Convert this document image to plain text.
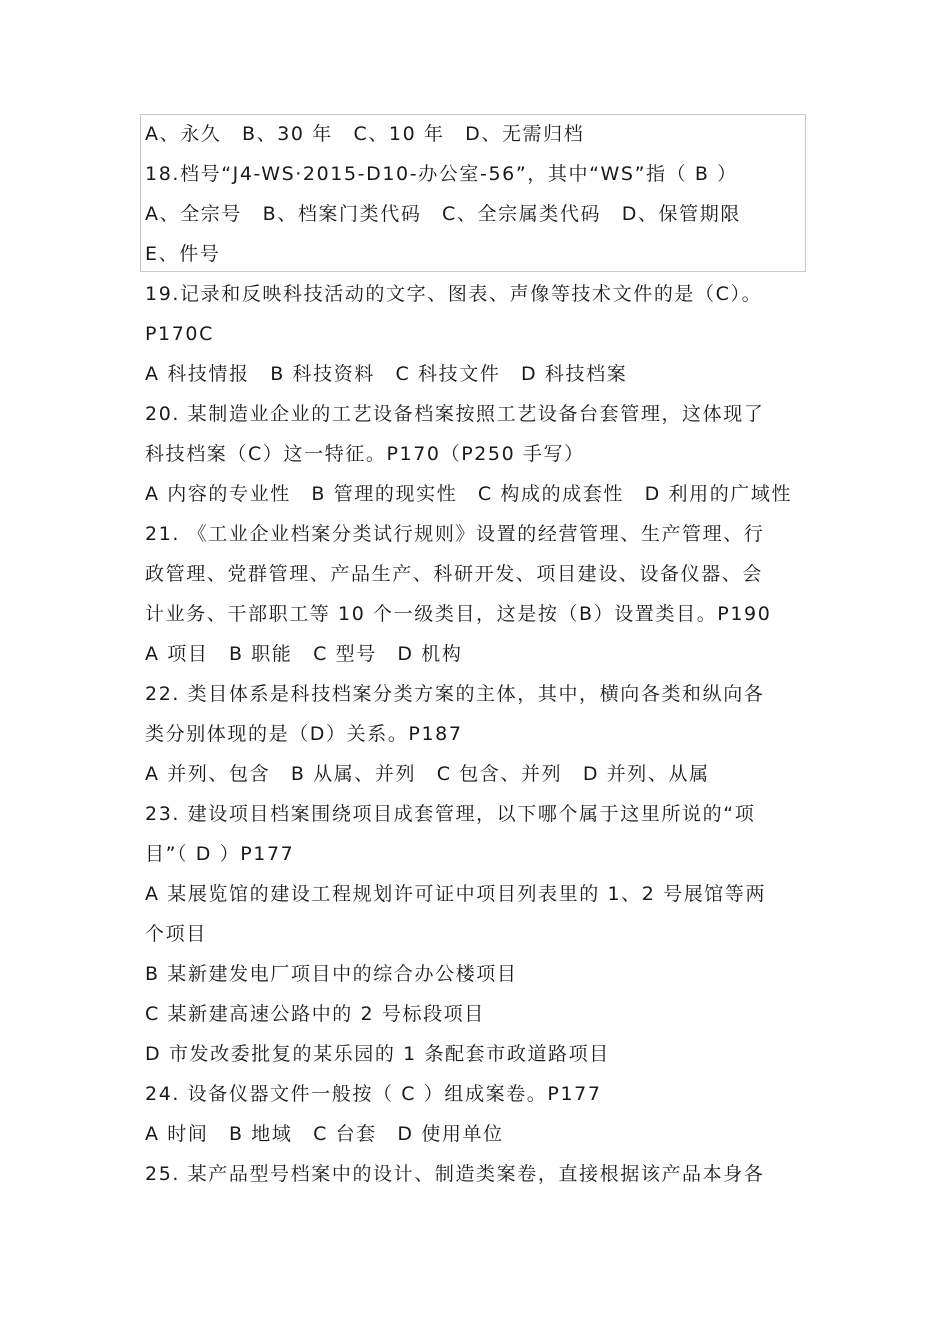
A、永久　B、30 年　C、10 年　D、无需归档
18.档号“J4-WS·2015-D10-办公室-56”，其中“WS”指（ B ）
A、全宗号　B、档案门类代码　C、全宗属类代码　D、保管期限
E、件号
19.记录和反映科技活动的文字、图表、声像等技术文件的是（C）。
P170C
A 科技情报　B 科技资料　C 科技文件　D 科技档案
20. 某制造业企业的工艺设备档案按照工艺设备台套管理，这体现了
科技档案（C）这一特征。P170（P250 手写）
A 内容的专业性　B 管理的现实性　C 构成的成套性　D 利用的广域性
21. 《工业企业档案分类试行规则》设置的经营管理、生产管理、行
政管理、党群管理、产品生产、科研开发、项目建设、设备仪器、会
计业务、干部职工等 10 个一级类目，这是按（B）设置类目。P190
A 项目　B 职能　C 型号　D 机构
22. 类目体系是科技档案分类方案的主体，其中，横向各类和纵向各
类分别体现的是（D）关系。P187
A 并列、包含　B 从属、并列　C 包含、并列　D 并列、从属
23. 建设项目档案围绕项目成套管理，以下哪个属于这里所说的“项
目”（ D ）P177
A 某展览馆的建设工程规划许可证中项目列表里的 1、2 号展馆等两
个项目
B 某新建发电厂项目中的综合办公楼项目
C 某新建高速公路中的 2 号标段项目
D 市发改委批复的某乐园的 1 条配套市政道路项目
24. 设备仪器文件一般按（ C ）组成案卷。P177
A 时间　B 地域　C 台套　D 使用单位
25. 某产品型号档案中的设计、制造类案卷，直接根据该产品本身各
